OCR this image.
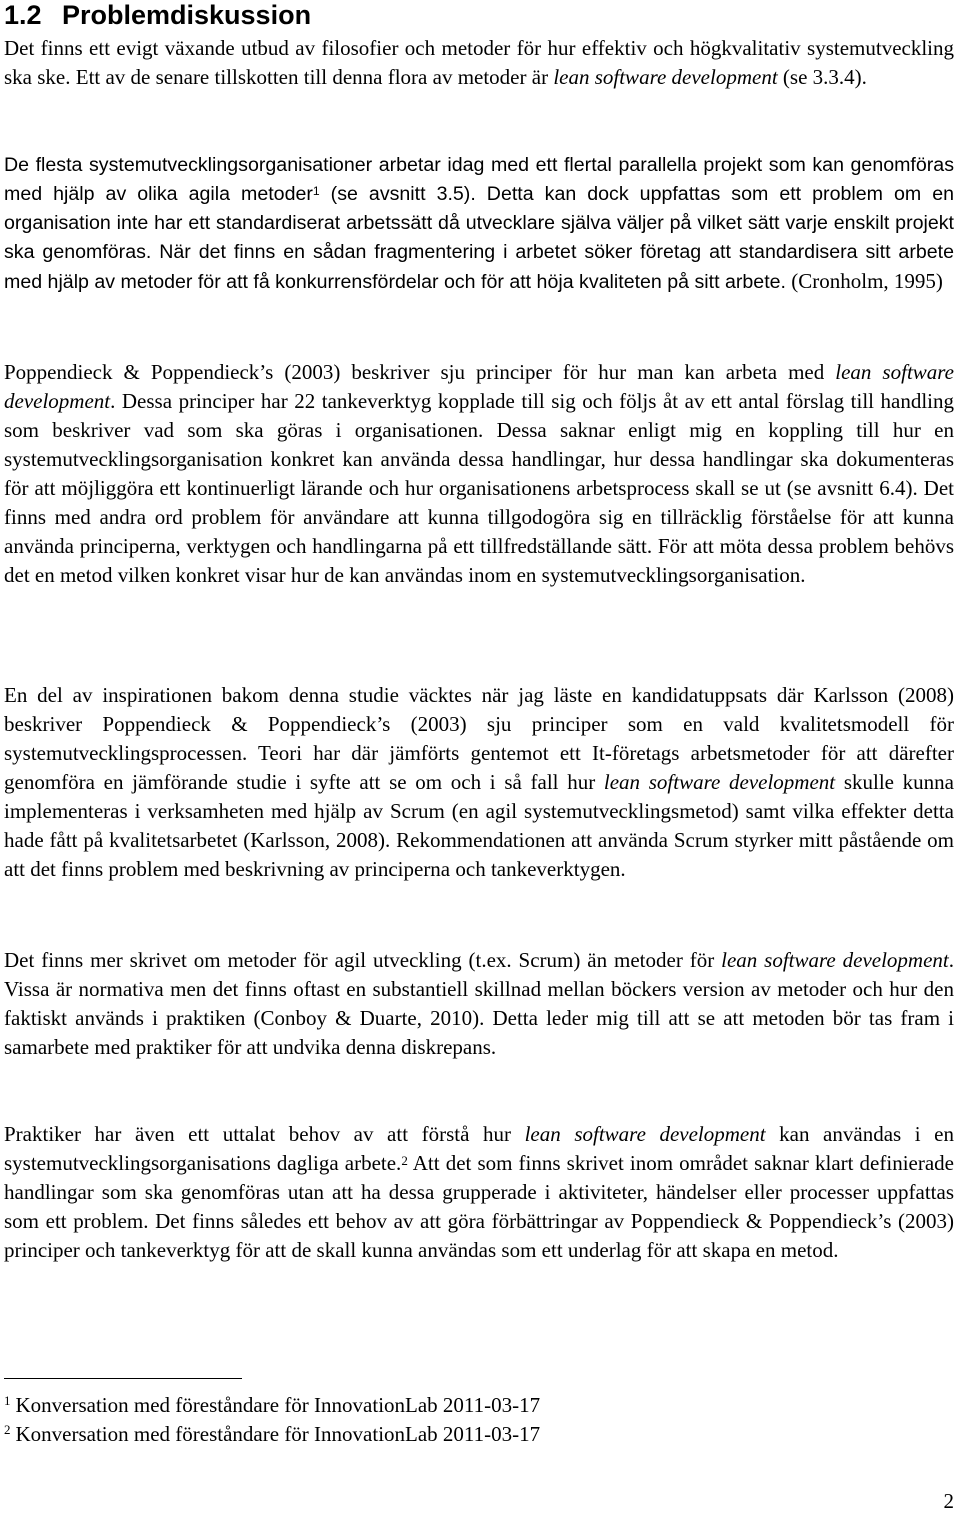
1.2 Problemdiskussion

Det finns ett evigt växande utbud av filosofier och metoder för hur effektiv och högkvalitativ systemutveckling ska ske. Ett av de senare tillskotten till denna flora av metoder är lean software development (se 3.3.4).

De flesta systemutvecklingsorganisationer arbetar idag med ett flertal parallella projekt som kan genomföras med hjälp av olika agila metoder$^1$ (se avsnitt 3.5). Detta kan dock uppfattas som ett problem om en organisation inte har ett standardiserat arbetssätt då utvecklare själva väljer på vilket sätt varje enskilt projekt ska genomföras. När det finns en sådan fragmentering i arbetet söker företag att standardisera sitt arbete med hjälp av metoder för att få konkurrensfördelar och för att höja kvaliteten på sitt arbete. (Cronholm, 1995)

Poppendieck & Poppendieck’s (2003) beskriver sju principer för hur man kan arbeta med lean software development. Dessa principer har 22 tankeverktyg kopplade till sig och följs åt av ett antal förslag till handling som beskriver vad som ska göras i organisationen. Dessa saknar enligt mig en koppling till hur en systemutvecklingsorganisation konkret kan använda dessa handlingar, hur dessa handlingar ska dokumenteras för att möjliggöra ett kontinuerligt lärande och hur organisationens arbetsprocess skall se ut (se avsnitt 6.4). Det finns med andra ord problem för användare att kunna tillgodogöra sig en tillräcklig förståelse för att kunna använda principerna, verktygen och handlingarna på ett tillfredställande sätt. För att möta dessa problem behövs det en metod vilken konkret visar hur de kan användas inom en systemutvecklingsorganisation.

En del av inspirationen bakom denna studie väcktes när jag läste en kandidatuppsats där Karlsson (2008) beskriver Poppendieck & Poppendieck’s (2003) sju principer som en vald kvalitetsmodell för systemutvecklingsprocessen. Teori har där jämförts gentemot ett It-företags arbetsmetoder för att därefter genomföra en jämförande studie i syfte att se om och i så fall hur lean software development skulle kunna implementeras i verksamheten med hjälp av Scrum (en agil systemutvecklingsmetod) samt vilka effekter detta hade fått på kvalitetsarbetet (Karlsson, 2008). Rekommendationen att använda Scrum styrker mitt påstående om att det finns problem med beskrivning av principerna och tankeverktygen.

Det finns mer skrivet om metoder för agil utveckling (t.ex. Scrum) än metoder för lean software development. Vissa är normativa men det finns oftast en substantiell skillnad mellan böckers version av metoder och hur den faktiskt används i praktiken (Conboy & Duarte, 2010). Detta leder mig till att se att metoden bör tas fram i samarbete med praktiker för att undvika denna diskrepans.

Praktiker har även ett uttalat behov av att förstå hur lean software development kan användas i en systemutvecklingsorganisations dagliga arbete.$^2$ Att det som finns skrivet inom området saknar klart definierade handlingar som ska genomföras utan att ha dessa grupperade i aktiviteter, händelser eller processer uppfattas som ett problem. Det finns således ett behov av att göra förbättringar av Poppendieck & Poppendieck’s (2003) principer och tankeverktyg för att de skall kunna användas som ett underlag för att skapa en metod.

$^1$ Konversation med föreståndare för InnovationLab 2011-03-17

$^2$ Konversation med föreståndare för InnovationLab 2011-03-17

2
